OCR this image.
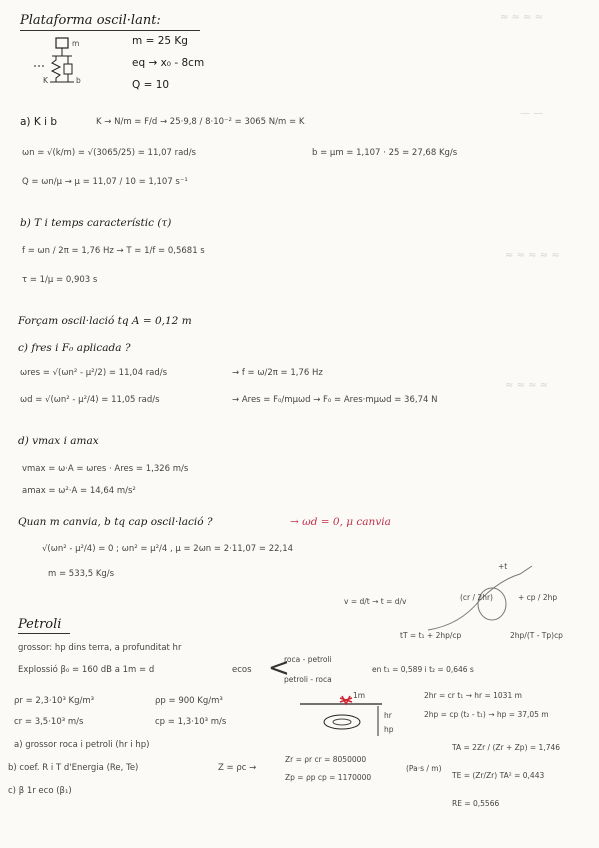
≈ ≈ ≈ ≈
— —
≈ ≈ ≈ ≈ ≈
≈ ≈ ≈ ≈
Plataforma oscil·lant:
m
K	b
m = 25 Kg
eq → x₀ - 8cm
Q = 10
a) K i b	K → N/m = F/d → 25·9,8 / 8·10⁻² = 3065 N/m = K
ωn = √(k/m) = √(3065/25) = 11,07 rad/s	b = μm = 1,107 · 25 = 27,68 Kg/s
Q = ωn/μ → μ = 11,07 / 10 = 1,107 s⁻¹
b) T i temps característic (τ)
f = ωn / 2π = 1,76 Hz → T = 1/f = 0,5681 s
τ = 1/μ = 0,903 s
Forçam oscil·lació tq A = 0,12 m
c) fres i F₀ aplicada ?
ωres = √(ωn² - μ²/2) = 11,04 rad/s	→ f = ω/2π = 1,76 Hz
ωd = √(ωn² - μ²/4) = 11,05 rad/s	→ Ares = F₀/mμωd → F₀ = Ares·mμωd = 36,74 N
d) vmax i amax
vmax = ω·A = ωres · Ares = 1,326 m/s
amax = ω²·A = 14,64 m/s²
Quan m canvia, b tq cap oscil·lació ?	→ ωd = 0, μ canvia
√(ωn² - μ²/4) = 0 ; ωn² = μ²/4 , μ = 2ωn = 2·11,07 = 22,14
m = 533,5 Kg/s
+t
v = d/t → t = d/v	(cr / 2hr)	+ cp / 2hp
tT = t₁ + 2hp/cp	2hp/(T - Tp)cp
Petroli
grossor: hp dins terra, a profunditat hr
Explossió β₀ = 160 dB a 1m = d	ecos <
roca - petroli
petroli - roca
en t₁ = 0,589 i t₂ = 0,646 s
ρr = 2,3·10³ Kg/m³	ρp = 900 Kg/m³
cr = 3,5·10³ m/s	cp = 1,3·10³ m/s
1m
hr
hp
2hr = cr t₁ → hr = 1031 m
2hp = cp (t₂ - t₁) → hp = 37,05 m
a) grossor roca i petroli (hr i hp)
b) coef. R i T d'Energia (Re, Te)	Z = ρc →
c) β 1r eco (β₁)
Zr = ρr cr = 8050000
Zp = ρp cp = 1170000
(Pa·s / m)
TA = 2Zr / (Zr + Zp) = 1,746
TE = (Zr/Zr) TA² = 0,443
RE = 0,5566
